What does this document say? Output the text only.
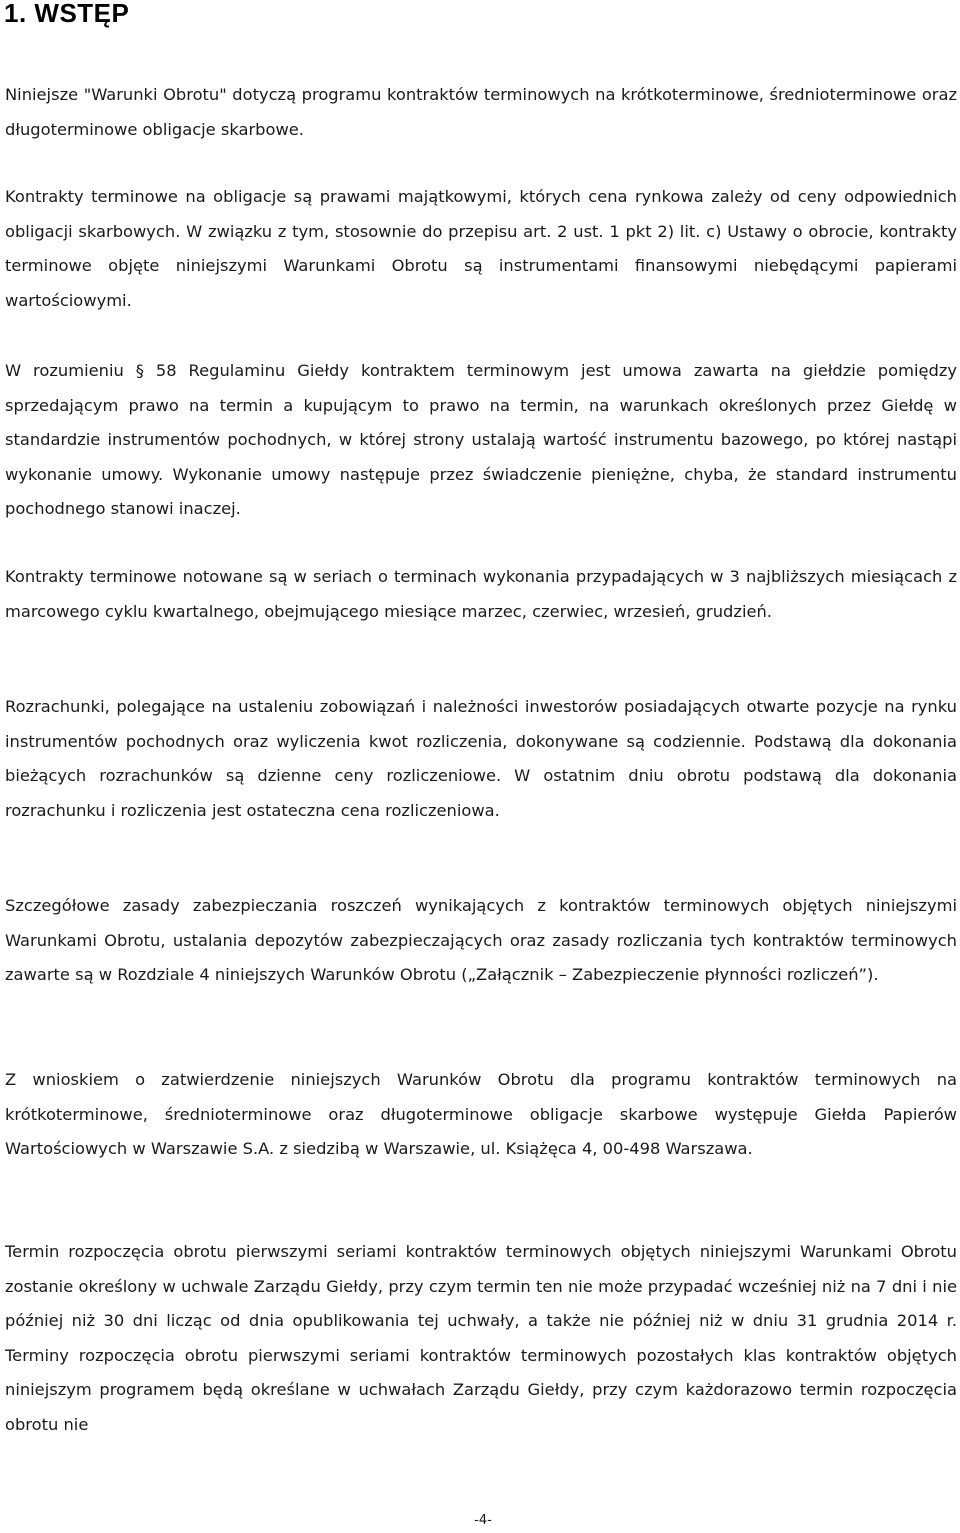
1. WSTĘP

Niniejsze "Warunki Obrotu" dotyczą programu kontraktów terminowych na krótkoterminowe, średnioterminowe oraz długoterminowe obligacje skarbowe.

Kontrakty terminowe na obligacje są prawami majątkowymi, których cena rynkowa zależy od ceny odpowiednich obligacji skarbowych. W związku z tym, stosownie do przepisu art. 2 ust. 1 pkt 2) lit. c) Ustawy o obrocie, kontrakty terminowe objęte niniejszymi Warunkami Obrotu są instrumentami finansowymi niebędącymi papierami wartościowymi.

W rozumieniu § 58 Regulaminu Giełdy kontraktem terminowym jest umowa zawarta na giełdzie pomiędzy sprzedającym prawo na termin a kupującym to prawo na termin, na warunkach określonych przez Giełdę w standardzie instrumentów pochodnych, w której strony ustalają wartość instrumentu bazowego, po której nastąpi wykonanie umowy. Wykonanie umowy następuje przez świadczenie pieniężne, chyba, że standard instrumentu pochodnego stanowi inaczej.

Kontrakty terminowe notowane są w seriach o terminach wykonania przypadających w 3 najbliższych miesiącach z marcowego cyklu kwartalnego, obejmującego miesiące marzec, czerwiec, wrzesień, grudzień.

Rozrachunki, polegające na ustaleniu zobowiązań i należności inwestorów posiadających otwarte pozycje na rynku instrumentów pochodnych oraz wyliczenia kwot rozliczenia, dokonywane są codziennie. Podstawą dla dokonania bieżących rozrachunków są dzienne ceny rozliczeniowe. W ostatnim dniu obrotu podstawą dla dokonania rozrachunku i rozliczenia jest ostateczna cena rozliczeniowa.

Szczegółowe zasady zabezpieczania roszczeń wynikających z kontraktów terminowych objętych niniejszymi Warunkami Obrotu, ustalania depozytów zabezpieczających oraz zasady rozliczania tych kontraktów terminowych zawarte są w Rozdziale 4 niniejszych Warunków Obrotu („Załącznik – Zabezpieczenie płynności rozliczeń”).

Z wnioskiem o zatwierdzenie niniejszych Warunków Obrotu dla programu kontraktów terminowych na krótkoterminowe, średnioterminowe oraz długoterminowe obligacje skarbowe występuje Giełda Papierów Wartościowych w Warszawie S.A. z siedzibą w Warszawie, ul. Książęca 4, 00-498 Warszawa.

Termin rozpoczęcia obrotu pierwszymi seriami kontraktów terminowych objętych niniejszymi Warunkami Obrotu zostanie określony w uchwale Zarządu Giełdy, przy czym termin ten nie może przypadać wcześniej niż na 7 dni i nie później niż 30 dni licząc od dnia opublikowania tej uchwały, a także nie później niż w dniu 31 grudnia 2014 r. Terminy rozpoczęcia obrotu pierwszymi seriami kontraktów terminowych pozostałych klas kontraktów objętych niniejszym programem będą określane w uchwałach Zarządu Giełdy, przy czym każdorazowo termin rozpoczęcia obrotu nie

-4-
